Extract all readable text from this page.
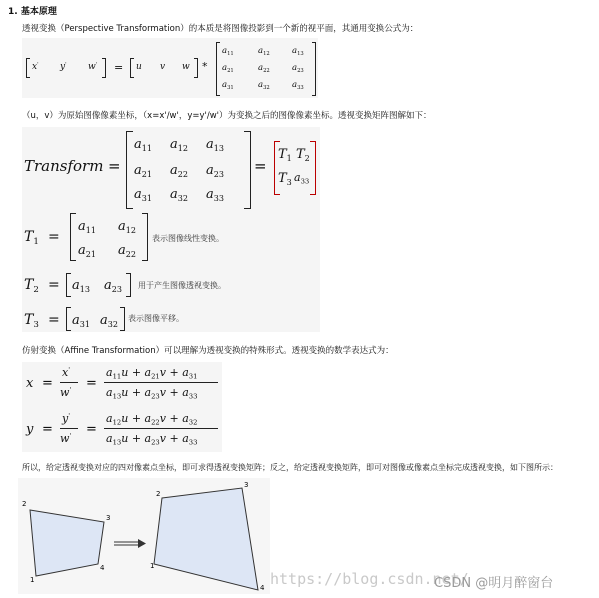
1. 基本原理
透视变换（Perspective Transformation）的本质是将图像投影到一个新的视平面，其通用变换公式为：
x' y' w' = u v w *
$a_{11}$	$a_{12}$	$a_{13}$
$a_{21}$	$a_{22}$	$a_{23}$
$a_{31}$	$a_{32}$	$a_{33}$
（u，v）为原始图像像素坐标，（x=x'/w'，y=y'/w'）为变换之后的图像像素坐标。透视变换矩阵图解如下：
Transform =
$a_{11}$ $a_{12}$ $a_{13}$
$a_{21}$ $a_{22}$ $a_{23}$
$a_{31}$ $a_{32}$ $a_{33}$
=
$T_1$ $T_2$
$T_3$ $a_{33}$
$T_1$ =
$a_{11}$ $a_{12}$
$a_{21}$ $a_{22}$
表示图像线性变换。
$T_2 = a_{13}$ $a_{23}$ 用于产生图像透视变换。
$T_3 = a_{31}$ $a_{32}$
表示图像平移。
仿射变换（Affine Transformation）可以理解为透视变换的特殊形式。透视变换的数学表达式为：
x =
x'
w' =
$a_{11}u + a_{21}v + a_{31}$
$a_{13}u + a_{23}v + a_{33}$
y =
y'
w' =
$a_{12}u + a_{22}v + a_{32}$
$a_{13}u + a_{23}v + a_{33}$
所以，给定透视变换对应的四对像素点坐标，即可求得透视变换矩阵；反之，给定透视变换矩阵，即可对图像或像素点坐标完成透视变换，如下图所示：
1
2
3
4	1
2
3
4 https://blog.csdn.net/
CSDN @明月醉窗台
